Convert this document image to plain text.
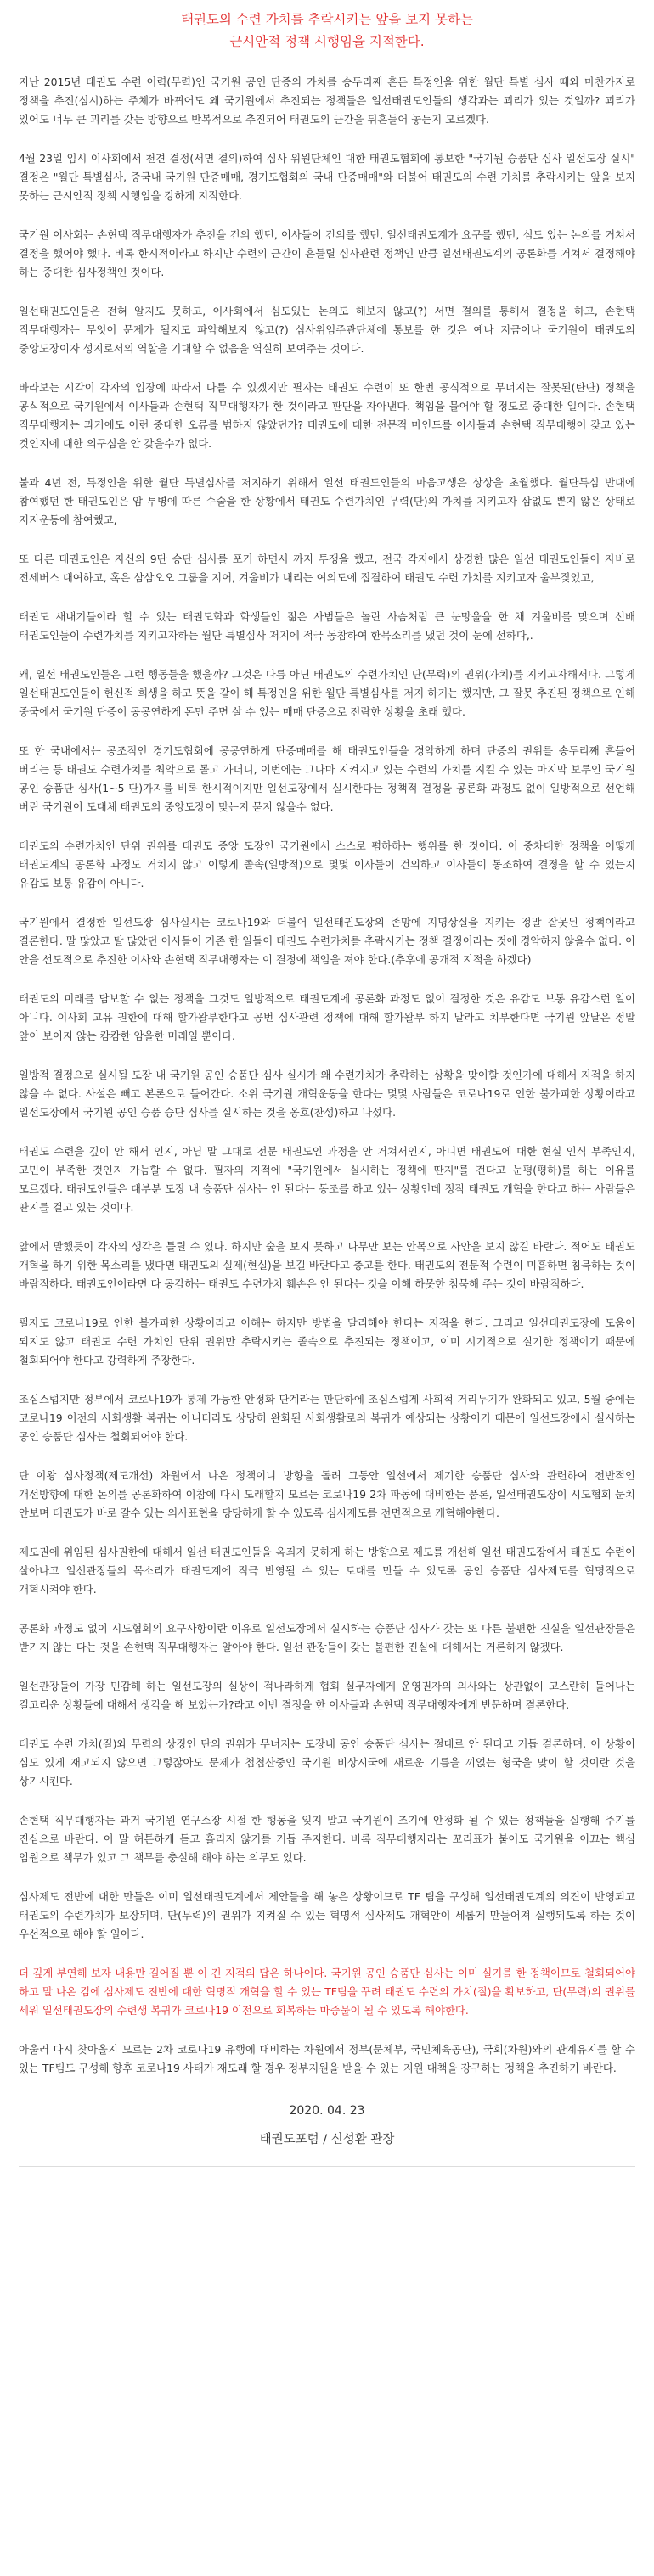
태권도의 수련 가치를 추락시키는 앞을 보지 못하는
근시안적 정책 시행임을 지적한다.

지난 2015년 태권도 수련 이력(무력)인 국기원 공인 단증의 가치를 승두리째 흔든 특정인을 위한 월단 특별 심사 때와 마찬가지로 정책을 추진(심시)하는 주체가 바뀌어도 왜 국기원에서 추진되는 정책들은 일선태권도인들의 생각과는 괴리가 있는 것일까? 괴리가 있어도 너무 큰 괴리를 갖는 방향으로 반복적으로 추진되어 태권도의 근간을 뒤흔들어 놓는지 모르겠다.

4월 23일 임시 이사회에서 천견 결정(서면 결의)하여 심사 위원단체인 대한 태권도협회에 통보한 "국기원 승품단 심사 일선도장 실시" 결정은 "월단 특별심사, 중국내 국기원 단증매매, 경기도협회의 국내 단증매매"와 더불어 태권도의 수련 가치를 추락시키는 앞을 보지 못하는 근시안적 정책 시행임을 강하게 지적한다.

국기원 이사회는 손현택 직무대행자가 추진을 건의 했던, 이사들이 건의를 했던, 일선태권도계가 요구를 했던, 심도 있는 논의를 거쳐서 결정을 했어야 했다. 비록 한시적이라고 하지만 수련의 근간이 흔들릴 심사관련 정책인 만큼 일선태권도계의 공론화를 거쳐서 결정해야 하는 중대한 심사정책인 것이다.

일선태권도인들은 전혀 알지도 못하고, 이사회에서 심도있는 논의도 해보지 않고(?) 서면 결의를 통해서 결정을 하고, 손현택 직무대행자는 무엇이 문제가 될지도 파악해보지 않고(?) 심사위임주관단체에 통보를 한 것은 예나 지금이나 국기원이 태권도의 중앙도장이자 성지로서의 역할을 기대할 수 없음을 역실히 보여주는 것이다.

바라보는 시각이 각자의 입장에 따라서 다를 수 있겠지만 필자는 태권도 수련이 또 한번 공식적으로 무너지는 잘못된(탄단) 정책을 공식적으로 국기원에서 이사들과 손현택 직무대행자가 한 것이라고 판단을 자아낸다. 책임을 물어야 할 정도로 중대한 일이다. 손현택 직무대행자는 과거에도 이런 중대한 오류를 범하지 않았던가? 태권도에 대한 전문적 마인드를 이사들과 손현택 직무대행이 갖고 있는 것인지에 대한 의구심을 안 갖을수가 없다.

불과 4년 전, 특정인을 위한 월단 특별심사를 저지하기 위해서 일선 태권도인들의 마음고생은 상상을 초월했다. 월단특심 반대에 참여했던 한 태권도인은 암 투병에 따른 수술을 한 상황에서 태권도 수련가치인 무력(단)의 가치를 지키고자 삼없도 뿐지 않은 상태로 저지운동에 참여했고,

또 다른 태권도인은 자신의 9단 승단 심사를 포기 하면서 까지 투쟁을 했고, 전국 각지에서 상경한 많은 일선 태권도인들이 자비로 전세버스 대여하고, 혹은 삼삼오오 그룹을 지어, 겨울비가 내리는 여의도에 집결하여 태권도 수련 가치를 지키고자 울부짖었고,

태권도 새내기들이라 할 수 있는 태권도학과 학생들인 젊은 사범들은 놀란 사슴처럼 큰 눈망울을 한 채 겨울비를 맞으며 선배 태권도인들이 수련가치를 지키고자하는 월단 특별심사 저지에 적극 동참하여 한목소리를 냈던 것이 눈에 선하다,.

왜, 일선 태권도인들은 그런 행동들을 했을까? 그것은 다름 아닌 태권도의 수련가치인 단(무력)의 권위(가치)를 지키고자해서다. 그렇게 일선태권도인들이 헌신적 희생을 하고 뜻을 같이 해 특정인을 위한 월단 특별심사를 저지 하기는 했지만, 그 잘못 추진된 정책으로 인해 중국에서 국기원 단증이 공공연하게 돈만 주면 살 수 있는 매매 단증으로 전락한 상황을 초래 했다.

또 한 국내에서는 공조직인 경기도협회에 공공연하게 단증매매를 해 태권도인들을 경악하게 하며 단증의 권위를 송두리째 흔들어 버리는 등 태권도 수련가치를 최악으로 몰고 가더니, 이번에는 그나마 지켜지고 있는 수련의 가치를 지킬 수 있는 마지막 보루인 국기원 공인 승품단 심사(1~5 단)가지를 비록 한시적이지만 일선도장에서 실시한다는 정책적 결정을 공론화 과정도 없이 일방적으로 선언해 버린 국기원이 도대체 태권도의 중앙도장이 맞는지 묻지 않을수 없다.

태권도의 수련가치인 단위 권위를 태권도 중앙 도장인 국기원에서 스스로 폄하하는 행위를 한 것이다. 이 중차대한 정책을 어떻게 태권도계의 공론화 과정도 거치지 않고 이렇게 졸속(일방적)으로 몇몇 이사들이 건의하고 이사들이 동조하여 결정을 할 수 있는지 유감도 보통 유감이 아니다.

국기원에서 결정한 일선도장 심사실시는 코로나19와 더불어 일선태권도장의 존망에 지명상실을 지키는 정말 잘못된 정책이라고 결론한다. 말 많았고 탈 많았던 이사들이 기존 한 일들이 태권도 수련가치를 추락시키는 정책 결정이라는 것에 경악하지 않을수 없다. 이 안을 선도적으로 추진한 이사와 손현택 직무대행자는 이 결정에 책임을 져야 한다.(추후에 공개적 지적을 하겠다)

태권도의 미래를 담보할 수 없는 정책을 그것도 일방적으로 태권도계에 공론화 과정도 없이 결정한 것은 유감도 보통 유감스런 일이 아니다. 이사회 고유 권한에 대해 할가왈부한다고 공번 심사관련 정책에 대해 할가왈부 하지 말라고 치부한다면 국기원 앞날은 정말 앞이 보이지 않는 캄캄한 암울한 미래일 뿐이다.

일방적 결정으로 실시될 도장 내 국기원 공인 승품단 심사 실시가 왜 수련가치가 추락하는 상황을 맞이할 것인가에 대해서 지적을 하지 않을 수 없다. 사설은 빼고 본론으로 들어간다. 소위 국기원 개혁운동을 한다는 몇몇 사람들은 코로나19로 인한 불가피한 상황이라고 일선도장에서 국기원 공인 승품 승단 심사를 실시하는 것을 옹호(찬성)하고 나섰다.

태권도 수련을 깊이 안 해서 인지, 아님 말 그대로 전문 태권도인 과정을 안 거쳐서인지, 아니면 태권도에 대한 현실 인식 부족인지, 고민이 부족한 것인지 가늠할 수 없다. 필자의 지적에 "국기원에서 실시하는 정책에 딴지"를 건다고 눈평(평하)를 하는 이유를 모르겠다. 태권도인들은 대부분 도장 내 승품단 심사는 안 된다는 동조를 하고 있는 상황인데 정작 태권도 개혁을 한다고 하는 사람들은 딴지를 걸고 있는 것이다.

앞에서 말했듯이 각자의 생각은 틀릴 수 있다. 하지만 숲을 보지 못하고 나무만 보는 안목으로 사안을 보지 않길 바란다. 적어도 태권도 개혁을 하기 위한 목소리를 냈다면 태권도의 실제(현실)을 보길 바란다고 충고를 한다. 태권도의 전문적 수련이 미흡하면 침묵하는 것이 바람직하다. 태권도인이라면 다 공감하는 태권도 수련가치 훼손은 안 된다는 것을 이해 하못한 침묵해 주는 것이 바람직하다.

필자도 코로나19로 인한 불가피한 상황이라고 이해는 하지만 방법을 달리해야 한다는 지적을 한다. 그리고 일선태권도장에 도움이 되지도 않고 태권도 수련 가치인 단위 권위만 추락시키는 졸속으로 추진되는 정책이고, 이미 시기적으로 실기한 정책이기 때문에 철회되어야 한다고 강력하게 주장한다.

조심스럽지만 정부에서 코로나19가 통제 가능한 안정화 단계라는 판단하에 조심스럽게 사회적 거리두기가 완화되고 있고, 5월 중에는 코로나19 이전의 사회생활 복귀는 아니더라도 상당히 완화된 사회생활로의 복귀가 예상되는 상황이기 때문에 일선도장에서 실시하는 공인 승품단 심사는 철회되어야 한다.

단 이왕 심사정책(제도개선) 차원에서 나온 정책이니 방향을 돌려 그동안 일선에서 제기한 승품단 심사와 관련하여 전반적인 개선방향에 대한 논의를 공론화하여 이참에 다시 도래할지 모르는 코로나19 2차 파동에 대비한는 품론, 일선태권도장이 시도협회 눈치 안보며 태권도가 바로 갈수 있는 의사표현을 당당하게 할 수 있도록 심사제도를 전면적으로 개혁해야한다.

제도권에 위임된 심사권한에 대해서 일선 태권도인들을 옥죄지 못하게 하는 방향으로 제도를 개선해 일선 태권도장에서 태권도 수련이 살아나고 일선관장들의 목소리가 태권도계에 적극 반영될 수 있는 토대를 만들 수 있도록 공인 승품단 심사제도를 혁명적으로 개혁시켜야 한다.

공론화 과정도 없이 시도협회의 요구사항이란 이유로 일선도장에서 실시하는 승품단 심사가 갖는 또 다른 불편한 진실을 일선관장들은 받기지 않는 다는 것을 손현택 직무대행자는 알아야 한다. 일선 관장들이 갖는 불편한 진실에 대해서는 거론하지 않겠다.

일선관장들이 가장 민감해 하는 일선도장의 실상이 적나라하게 협회 실무자에게 운영권자의 의사와는 상관없이 고스란히 들어나는 걸고리운 상황들에 대해서 생각을 해 보았는가?라고 이번 결정을 한 이사들과 손현택 직무대행자에게 반문하며 결론한다.

태권도 수련 가치(질)와 무력의 상징인 단의 권위가 무너지는 도장내 공인 승품단 심사는 절대로 안 된다고 거듭 결론하며, 이 상황이 심도 있게 재고되지 않으면 그렇잖아도 문제가 첩첩산중인 국기원 비상시국에 새로운 기름을 끼얹는 형국을 맞이 할 것이란 것을 상기시킨다.

손현택 직무대행자는 과거 국기원 연구소장 시절 한 행동을 잊지 말고 국기원이 조기에 안정화 될 수 있는 정책들을 실행해 주기를 진심으로 바란다. 이 말 허튼하게 듣고 흘리지 않기를 거듭 주지한다. 비록 직무대행자라는 꼬리표가 붙어도 국기원을 이끄는 핵심 임원으로 책무가 있고 그 책무를 충실해 해야 하는 의무도 있다.

심사제도 전반에 대한 만들은 이미 일선태권도계에서 제안들을 해 놓은 상황이므로 TF 팀을 구성해 일선태권도계의 의견이 반영되고 태권도의 수련가치가 보장되며, 단(무력)의 권위가 지켜질 수 있는 혁명적 심사제도 개혁안이 세롭게 만들어져 실행되도록 하는 것이 우선적으로 해야 할 일이다.

더 깊게 부연해 보자 내용만 길어질 뿐 이 긴 지적의 답은 하나이다. 국기원 공인 승품단 심사는 이미 실기를 한 정책이므로 철회되어야 하고 말 나온 김에 심사제도 전반에 대한 혁명적 개혁을 할 수 있는 TF팀을 꾸려 태권도 수련의 가치(질)을 확보하고, 단(무력)의 권위를 세워 일선태권도장의 수련생 복귀가 코로나19 이전으로 회복하는 마중물이 될 수 있도록 해야한다.

아울러 다시 찾아올지 모르는 2차 코로나19 유행에 대비하는 차원에서 정부(문체부, 국민체육공단), 국회(차원)와의 관계유지를 할 수 있는 TF팀도 구성해 향후 코로나19 사태가 재도래 할 경우 정부지원을 받을 수 있는 지원 대책을 강구하는 정책을 추진하기 바란다.

2020. 04. 23
태권도포럼 / 신성환 관장
